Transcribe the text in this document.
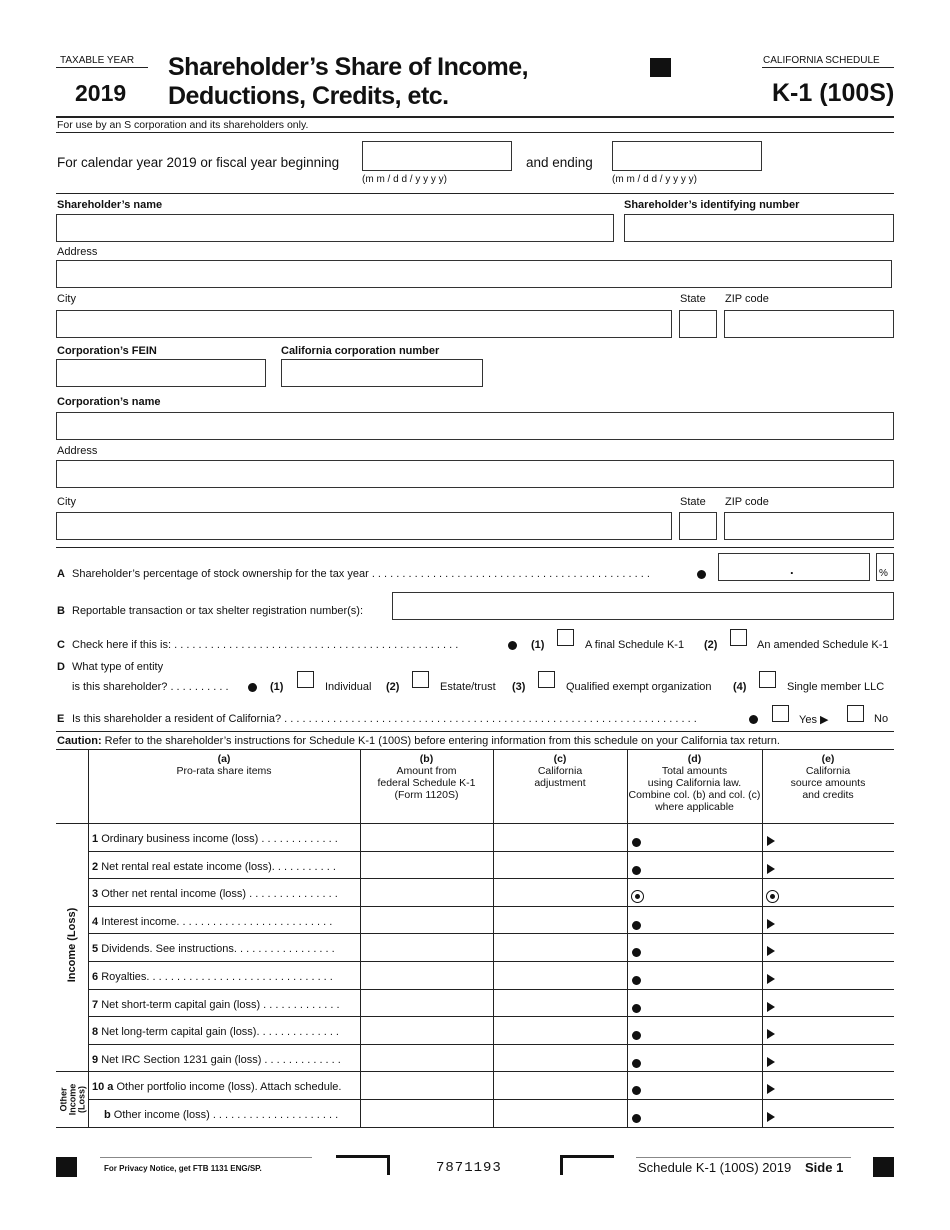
TAXABLE YEAR
2019
Shareholder’s Share of Income,
Deductions, Credits, etc.
CALIFORNIA SCHEDULE
K-1 (100S)
For use by an S corporation and its shareholders only.
For calendar year 2019 or fiscal year beginning
(m m / d d / y y y y)
and ending
(m m / d d / y y y y)
Shareholder’s name	Shareholder’s identifying number
Address
City	State ZIP code
Corporation’s FEIN	California corporation number
Corporation’s name
Address
City	State ZIP code
A Shareholder’s percentage of stock ownership for the tax year . . . . . . . . . . . . . . . . . . . . . . . . . . . . . . . . . . . . . . . . . . . . . .	.	%
B Reportable transaction or tax shelter registration number(s):
C Check here if this is: . . . . . . . . . . . . . . . . . . . . . . . . . . . . . . . . . . . . . . . . . . . . . . .	(1)	A final Schedule K-1 (2)	An amended Schedule K-1
D What type of entity
is this shareholder? . . . . . . . . . .	(1)	Individual (2)	Estate/trust (3)	Qualified exempt organization (4)	Single member LLC
E Is this shareholder a resident of California? . . . . . . . . . . . . . . . . . . . . . . . . . . . . . . . . . . . . . . . . . . . . . . . . . . . . . . . . . . . . . . . . . . . .	Yes ▶	No
Caution: Refer to the shareholder’s instructions for Schedule K-1 (100S) before entering information from this schedule on your California tax return.
(a)
Pro-rata share items
(b)
Amount from
federal Schedule K-1
(Form 1120S)
(c)
California
adjustment
(d)
Total amounts
using California law.
Combine col. (b) and col. (c)
where applicable
(e)
California
source amounts
and credits
Income (Loss)
Other Income (Loss)
1 Ordinary business income (loss) . . . . . . . . . . . . .
2 Net rental real estate income (loss). . . . . . . . . . .
3 Other net rental income (loss) . . . . . . . . . . . . . . .
4 Interest income. . . . . . . . . . . . . . . . . . . . . . . . . .
5 Dividends. See instructions. . . . . . . . . . . . . . . . .
6 Royalties. . . . . . . . . . . . . . . . . . . . . . . . . . . . . . .
7 Net short-term capital gain (loss) . . . . . . . . . . . . .
8 Net long-term capital gain (loss). . . . . . . . . . . . . .
9 Net IRC Section 1231 gain (loss) . . . . . . . . . . . . .
10 a Other portfolio income (loss). Attach schedule.
b Other income (loss) . . . . . . . . . . . . . . . . . . . . .
For Privacy Notice, get FTB 1131 ENG/SP.	7871193	Schedule K-1 (100S) 2019 Side 1
